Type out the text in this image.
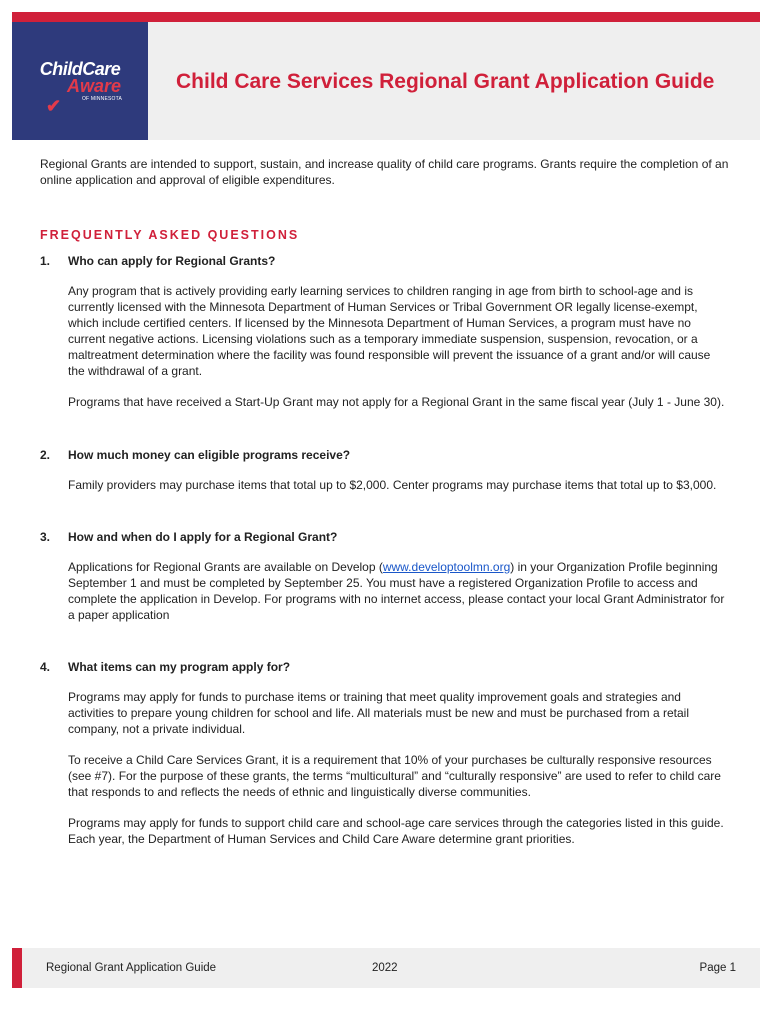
ChildCare
Aware
OF MINNESOTA
✔
Child Care Services Regional Grant Application Guide

Regional Grants are intended to support, sustain, and increase quality of child care programs. Grants require the completion of an online application and approval of eligible expenditures.

FREQUENTLY ASKED QUESTIONS
1.	Who can apply for Regional Grants?

Any program that is actively providing early learning services to children ranging in age from birth to school-age and is currently licensed with the Minnesota Department of Human Services or Tribal Government OR legally license-exempt, which include certified centers. If licensed by the Minnesota Department of Human Services, a program must have no current negative actions. Licensing violations such as a temporary immediate suspension, suspension, revocation, or a maltreatment determination where the facility was found responsible will prevent the issuance of a grant and/or will cause the withdrawal of a grant.

Programs that have received a Start-Up Grant may not apply for a Regional Grant in the same fiscal year (July 1 - June 30).

2.	How much money can eligible programs receive?

Family providers may purchase items that total up to $2,000. Center programs may purchase items that total up to $3,000.

3.	How and when do I apply for a Regional Grant?

Applications for Regional Grants are available on Develop (www.developtoolmn.org) in your Organization Profile beginning September 1 and must be completed by September 25. You must have a registered Organization Profile to access and complete the application in Develop. For programs with no internet access, please contact your local Grant Administrator for a paper application

4.	What items can my program apply for?

Programs may apply for funds to purchase items or training that meet quality improvement goals and strategies and activities to prepare young children for school and life. All materials must be new and must be purchased from a retail company, not a private individual.

To receive a Child Care Services Grant, it is a requirement that 10% of your purchases be culturally responsive resources (see #7). For the purpose of these grants, the terms “multicultural” and “culturally responsive” are used to refer to child care that responds to and reflects the needs of ethnic and linguistically diverse communities.

Programs may apply for funds to support child care and school-age care services through the categories listed in this guide. Each year, the Department of Human Services and Child Care Aware determine grant priorities.

Regional Grant Application Guide	2022	Page 1
